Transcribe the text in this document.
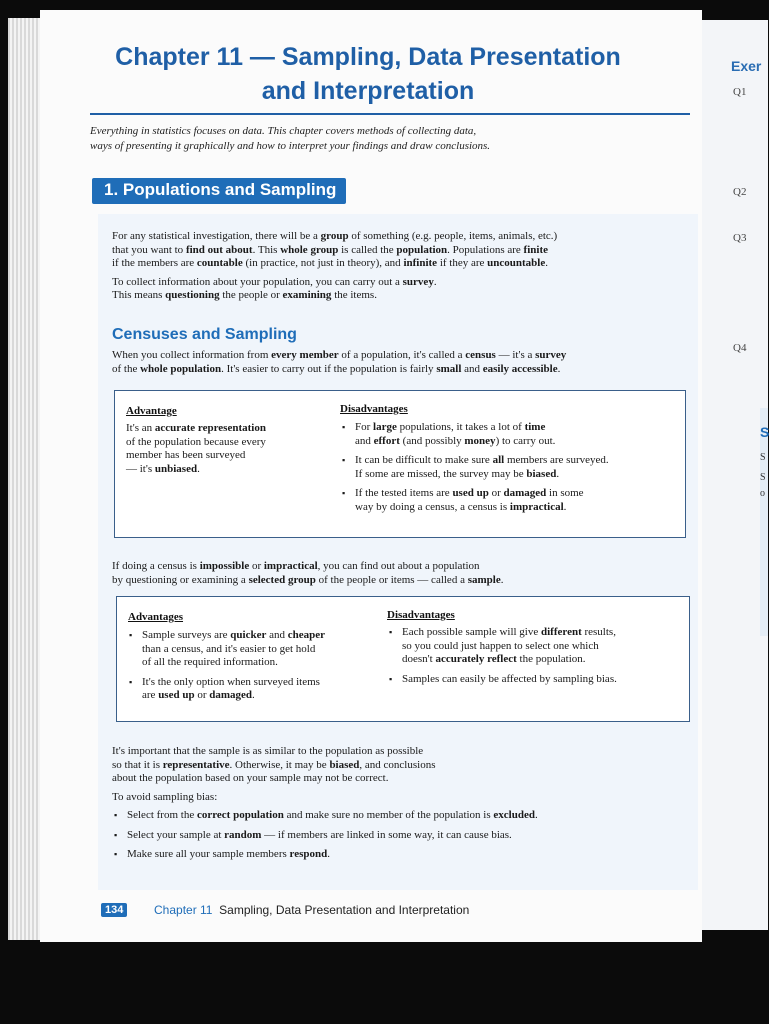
Exer
Q1
Q2
Q3
Q4
S
S
S
o
Chapter 11 — Sampling, Data Presentation
and Interpretation
Everything in statistics focuses on data. This chapter covers methods of collecting data,
ways of presenting it graphically and how to interpret your findings and draw conclusions.
1. Populations and Sampling

For any statistical investigation, there will be a group of something (e.g. people, items, animals, etc.)
that you want to find out about. This whole group is called the population. Populations are finite
if the members are countable (in practice, not just in theory), and infinite if they are uncountable.

To collect information about your population, you can carry out a survey.
This means questioning the people or examining the items.

Censuses and Sampling

When you collect information from every member of a population, it's called a census — it's a survey
of the whole population. It's easier to carry out if the population is fairly small and easily accessible.

Advantage
It's an accurate representation
of the population because every
member has been surveyed
— it's unbiased.
Disadvantages
▪ For large populations, it takes a lot of time
and effort (and possibly money) to carry out.
▪ It can be difficult to make sure all members are surveyed.
If some are missed, the survey may be biased.
▪ If the tested items are used up or damaged in some
way by doing a census, a census is impractical.

If doing a census is impossible or impractical, you can find out about a population
by questioning or examining a selected group of the people or items — called a sample.

Advantages
▪ Sample surveys are quicker and cheaper
than a census, and it's easier to get hold
of all the required information.
▪ It's the only option when surveyed items
are used up or damaged.
Disadvantages
▪ Each possible sample will give different results,
so you could just happen to select one which
doesn't accurately reflect the population.
▪ Samples can easily be affected by sampling bias.

It's important that the sample is as similar to the population as possible
so that it is representative. Otherwise, it may be biased, and conclusions
about the population based on your sample may not be correct.

To avoid sampling bias:

▪ Select from the correct population and make sure no member of the population is excluded.
▪ Select your sample at random — if members are linked in some way, it can cause bias.
▪ Make sure all your sample members respond.
134	Chapter 11 Sampling, Data Presentation and Interpretation
